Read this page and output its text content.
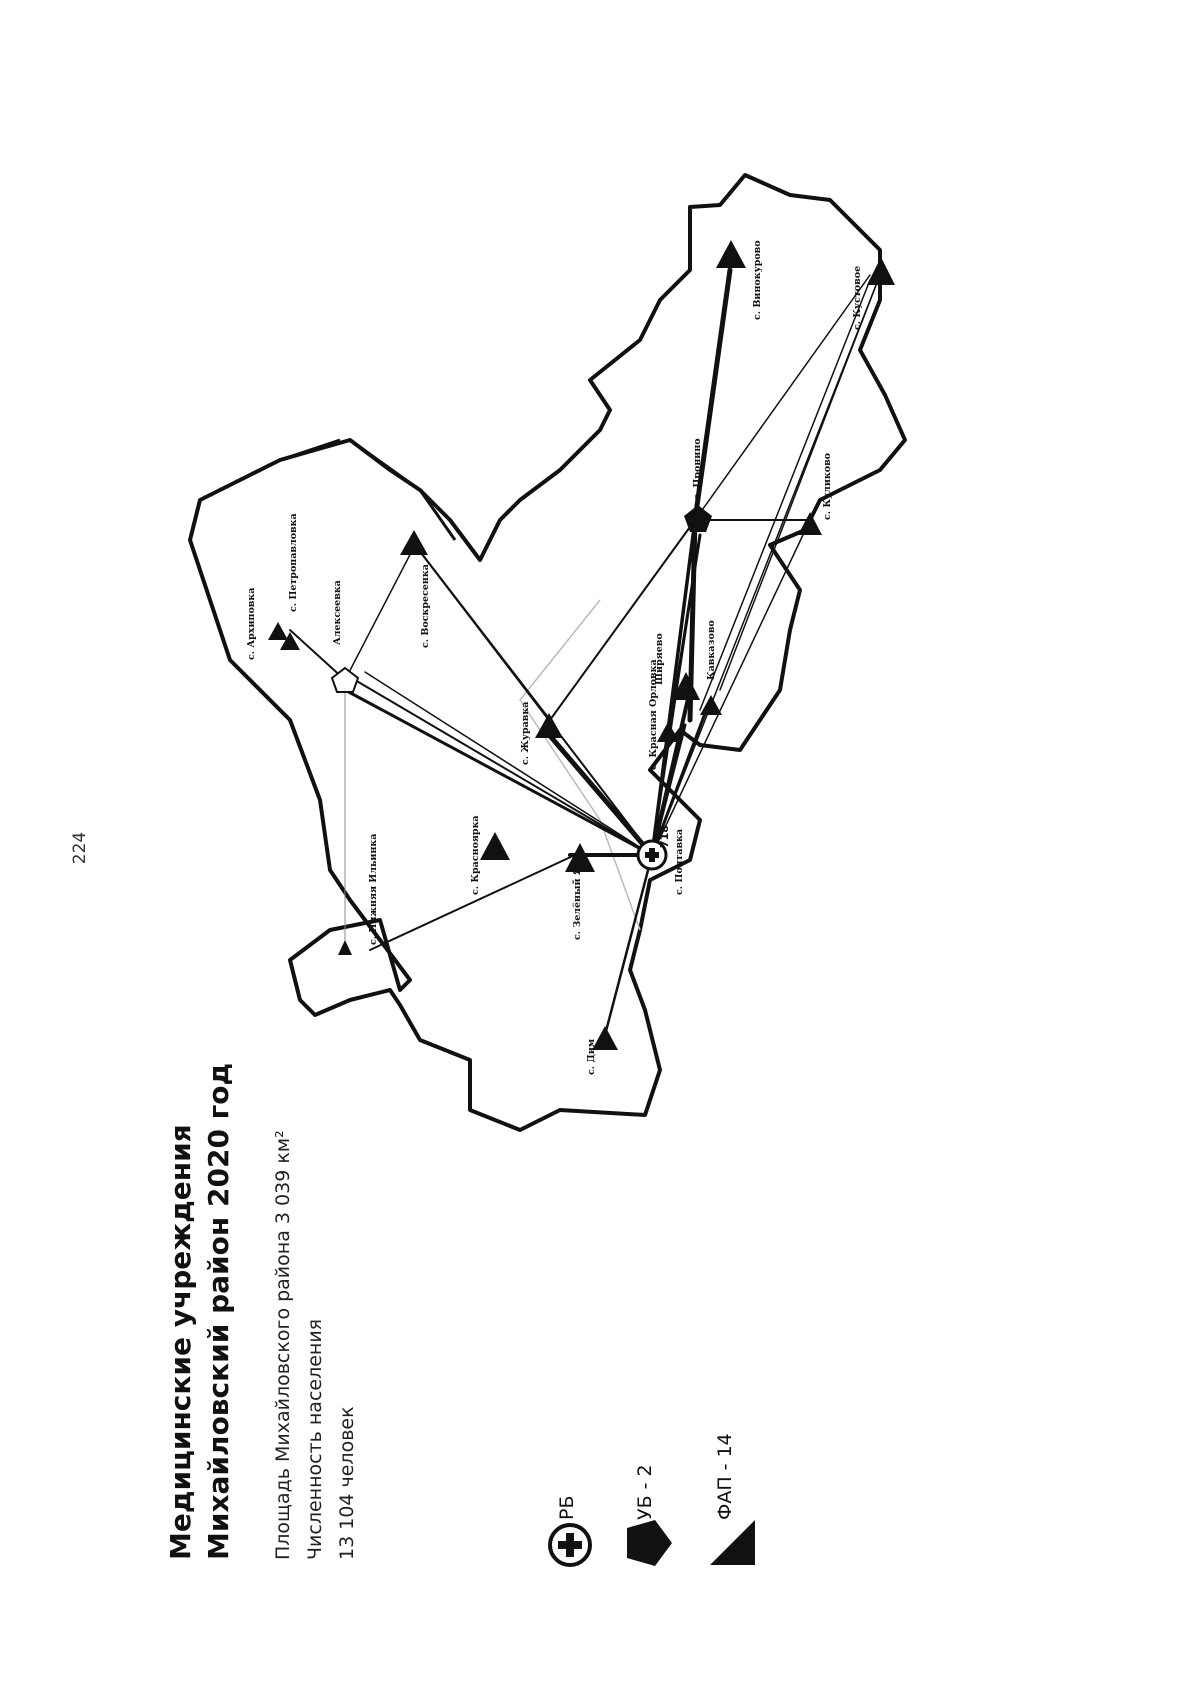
224	718
с. Архиповка
с. Петропавловка
Алексеевка	с. Воскресенка
с. Журавка
с. Красноярка
с. Нижняя Ильинка	с. Зелёный Яр
с. Дим
с. Красная Орловка
Ширяево	Кавказово
с. Полтавка
с. Пронино	с. Куликово
с. Винокурово	с. Кустовое
Медицинские учреждения Михайловский район 2020 год Площадь Михайловского района 3 039 км² Численность населения 13 104 человек	РБ	УБ - 2	ФАП - 14
